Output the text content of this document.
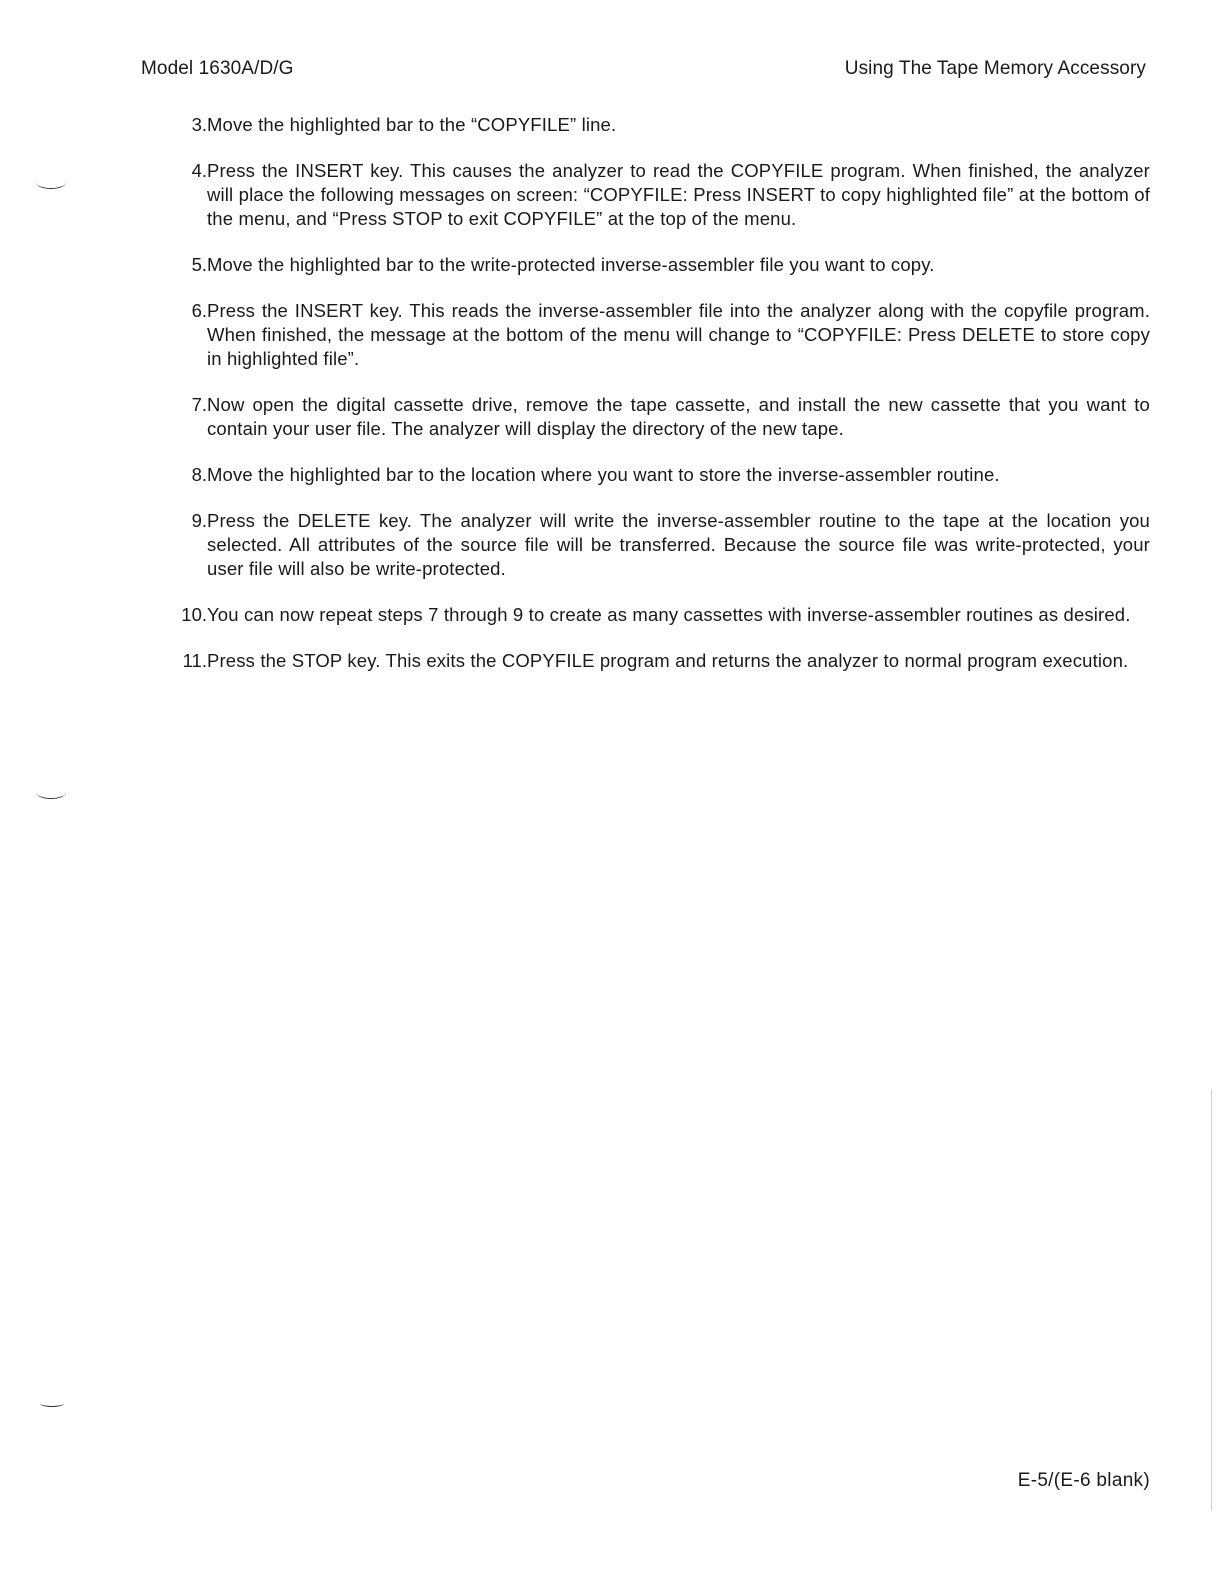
Model 1630A/D/G	Using The Tape Memory Accessory
3. Move the highlighted bar to the “COPYFILE” line.
4. Press the INSERT key. This causes the analyzer to read the COPYFILE program. When finished, the analyzer will place the following messages on screen: “COPYFILE: Press INSERT to copy highlighted file” at the bottom of the menu, and “Press STOP to exit COPYFILE” at the top of the menu.
5. Move the highlighted bar to the write-protected inverse-assembler file you want to copy.
6. Press the INSERT key. This reads the inverse-assembler file into the analyzer along with the copyfile program. When finished, the message at the bottom of the menu will change to “COPYFILE: Press DELETE to store copy in highlighted file”.
7. Now open the digital cassette drive, remove the tape cassette, and install the new cassette that you want to contain your user file. The analyzer will display the directory of the new tape.
8. Move the highlighted bar to the location where you want to store the inverse-assembler routine.
9. Press the DELETE key. The analyzer will write the inverse-assembler routine to the tape at the location you selected. All attributes of the source file will be transferred. Because the source file was write-protected, your user file will also be write-protected.
10. You can now repeat steps 7 through 9 to create as many cassettes with inverse-assembler routines as desired.
11. Press the STOP key. This exits the COPYFILE program and returns the analyzer to normal program execution.
E-5/(E-6 blank)
